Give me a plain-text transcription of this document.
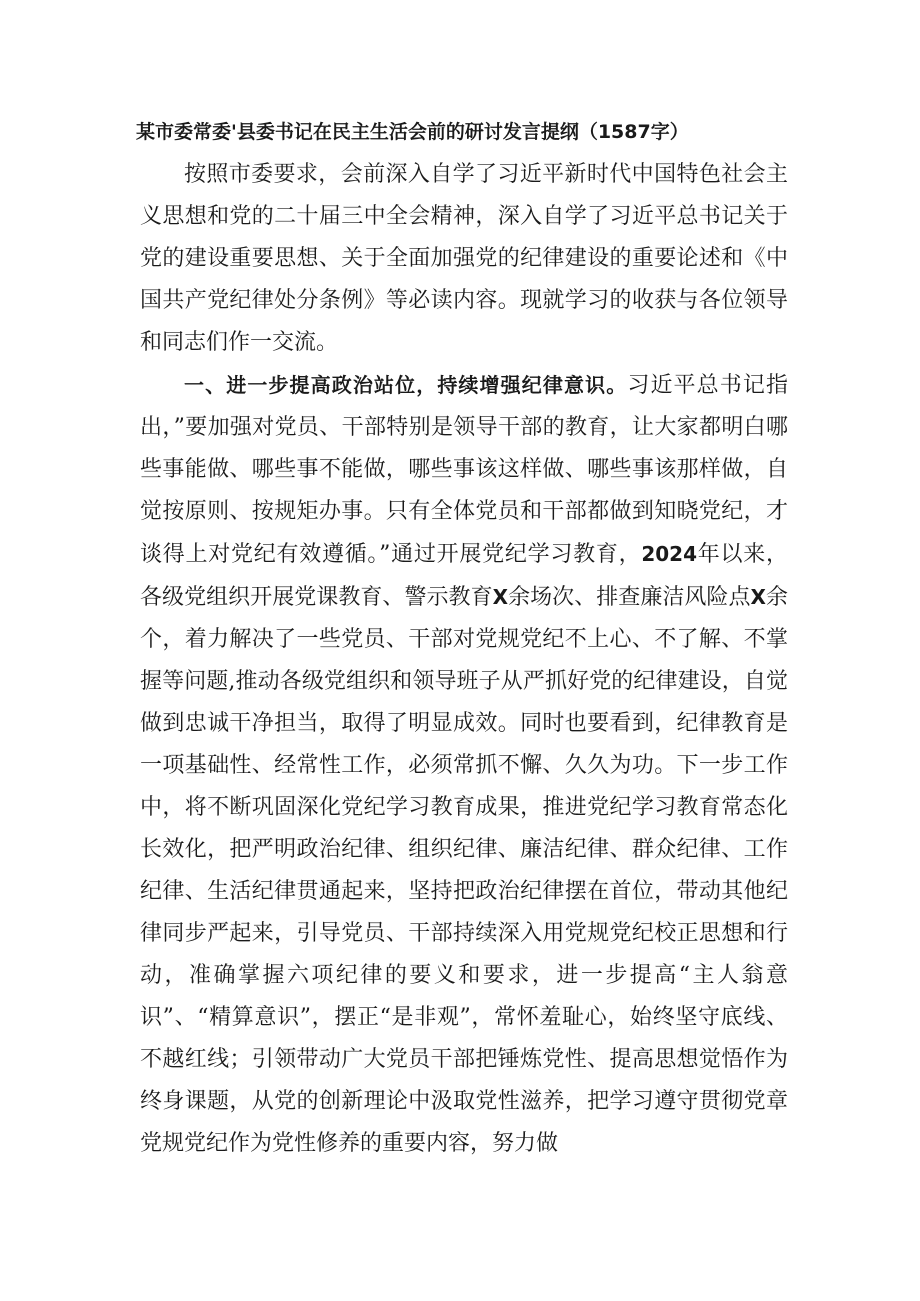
某市委常委'县委书记在民主生活会前的研讨发言提纲（1587字）

按照市委要求，会前深入自学了习近平新时代中国特色社会主义思想和党的二十届三中全会精神，深入自学了习近平总书记关于党的建设重要思想、关于全面加强党的纪律建设的重要论述和《中国共产党纪律处分条例》等必读内容。现就学习的收获与各位领导和同志们作一交流。

一、进一步提高政治站位，持续增强纪律意识。习近平总书记指出，”要加强对党员、干部特别是领导干部的教育，让大家都明白哪些事能做、哪些事不能做，哪些事该这样做、哪些事该那样做，自觉按原则、按规矩办事。只有全体党员和干部都做到知晓党纪，才谈得上对党纪有效遵循。”通过开展党纪学习教育，2024年以来，各级党组织开展党课教育、警示教育X余场次、排查廉洁风险点X余个，着力解决了一些党员、干部对党规党纪不上心、不了解、不掌握等问题,推动各级党组织和领导班子从严抓好党的纪律建设，自觉做到忠诚干净担当，取得了明显成效。同时也要看到，纪律教育是一项基础性、经常性工作，必须常抓不懈、久久为功。下一步工作中，将不断巩固深化党纪学习教育成果，推进党纪学习教育常态化长效化，把严明政治纪律、组织纪律、廉洁纪律、群众纪律、工作纪律、生活纪律贯通起来，坚持把政治纪律摆在首位，带动其他纪律同步严起来，引导党员、干部持续深入用党规党纪校正思想和行动，准确掌握六项纪律的要义和要求，进一步提高“主人翁意识”、“精算意识”，摆正“是非观”，常怀羞耻心，始终坚守底线、不越红线；引领带动广大党员干部把锤炼党性、提高思想觉悟作为终身课题，从党的创新理论中汲取党性滋养，把学习遵守贯彻党章党规党纪作为党性修养的重要内容，努力做
